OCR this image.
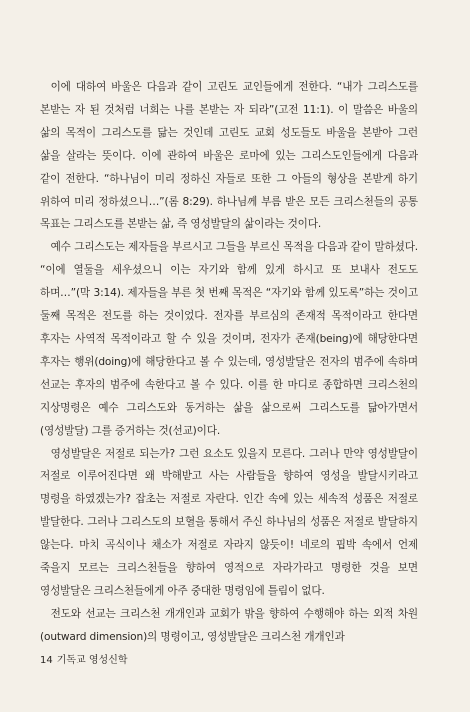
이에 대하여 바울은 다음과 같이 고린도 교인들에게 전한다. “내가 그리스도를 본받는 자 된 것처럼 너희는 나를 본받는 자 되라”(고전 11:1). 이 말씀은 바울의 삶의 목적이 그리스도를 닮는 것인데 고린도 교회 성도들도 바울을 본받아 그런 삶을 살라는 뜻이다. 이에 관하여 바울은 로마에 있는 그리스도인들에게 다음과 같이 전한다. “하나님이 미리 정하신 자들로 또한 그 아들의 형상을 본받게 하기 위하여 미리 정하셨으니…”(롬 8:29). 하나님께 부름 받은 모든 크리스천들의 공통 목표는 그리스도를 본받는 삶, 즉 영성발달의 삶이라는 것이다.

예수 그리스도는 제자들을 부르시고 그들을 부르신 목적을 다음과 같이 말하셨다. “이에 열둘을 세우셨으니 이는 자기와 함께 있게 하시고 또 보내사 전도도 하며…”(막 3:14). 제자들을 부른 첫 번째 목적은 “자기와 함께 있도록”하는 것이고 둘째 목적은 전도를 하는 것이었다. 전자를 부르심의 존재적 목적이라고 한다면 후자는 사역적 목적이라고 할 수 있을 것이며, 전자가 존재(being)에 해당한다면 후자는 행위(doing)에 해당한다고 볼 수 있는데, 영성발달은 전자의 범주에 속하며 선교는 후자의 범주에 속한다고 볼 수 있다. 이를 한 마디로 종합하면 크리스천의 지상명령은 예수 그리스도와 동거하는 삶을 삶으로써 그리스도를 닮아가면서(영성발달) 그를 증거하는 것(선교)이다.

영성발달은 저절로 되는가? 그런 요소도 있을지 모른다. 그러나 만약 영성발달이 저절로 이루어진다면 왜 박해받고 사는 사람들을 향하여 영성을 발달시키라고 명령을 하였겠는가? 잡초는 저절로 자란다. 인간 속에 있는 세속적 성품은 저절로 발달한다. 그러나 그리스도의 보혈을 통해서 주신 하나님의 성품은 저절로 발달하지 않는다. 마치 곡식이나 채소가 저절로 자라지 않듯이! 네로의 핍박 속에서 언제 죽을지 모르는 크리스천들을 향하여 영적으로 자라가라고 명령한 것을 보면 영성발달은 크리스천들에게 아주 중대한 명령임에 틀림이 없다.

전도와 선교는 크리스천 개개인과 교회가 밖을 향하여 수행해야 하는 외적 차원(outward dimension)의 명령이고, 영성발달은 크리스천 개개인과

14 기독교 영성신학
